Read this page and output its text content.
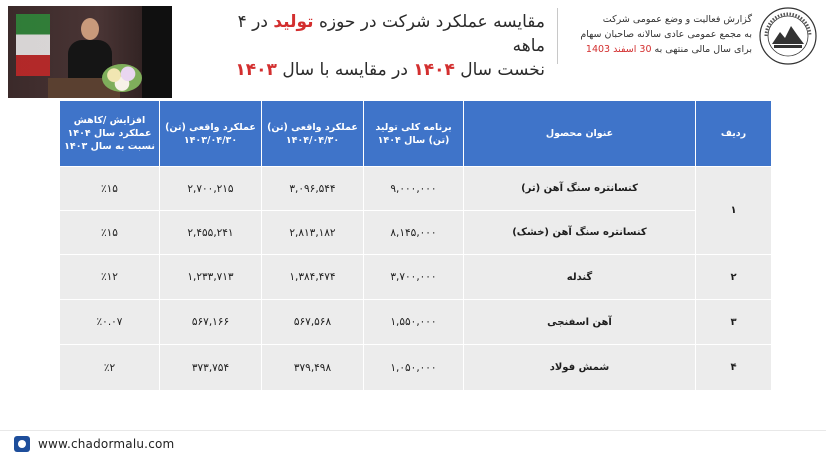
مقایسه عملکرد شرکت در حوزه تولید در ۴ ماهه
نخست سال ۱۴۰۴ در مقایسه با سال ۱۴۰۳
گزارش فعالیت و وضع عمومی شرکت
به مجمع عمومی عادی سالانه صاحبان سهام
برای سال مالی منتهی به 30 اسفند 1403
ردیف	عنوان محصول	برنامه کلی تولید (تن) سال ۱۴۰۴	عملکرد واقعی (تن) ۱۴۰۴/۰۴/۳۰	عملکرد واقعی (تن) ۱۴۰۳/۰۴/۳۰	افزایش /کاهش عملکرد سال ۱۴۰۴ نسبت به سال ۱۴۰۳
۱	کنسانتره سنگ آهن (تر)	۹,۰۰۰,۰۰۰	۳,۰۹۶,۵۴۴	۲,۷۰۰,۲۱۵	٪۱۵
	کنسانتره سنگ آهن (خشک)	۸,۱۴۵,۰۰۰	۲,۸۱۳,۱۸۲	۲,۴۵۵,۲۴۱	٪۱۵
۲	گندله	۳,۷۰۰,۰۰۰	۱,۳۸۴,۴۷۴	۱,۲۳۳,۷۱۳	٪۱۲
۳	آهن اسفنجی	۱,۵۵۰,۰۰۰	۵۶۷,۵۶۸	۵۶۷,۱۶۶	٪۰.۰۷
۴	شمش فولاد	۱,۰۵۰,۰۰۰	۳۷۹,۴۹۸	۳۷۳,۷۵۴	٪۲
www.chadormalu.com
